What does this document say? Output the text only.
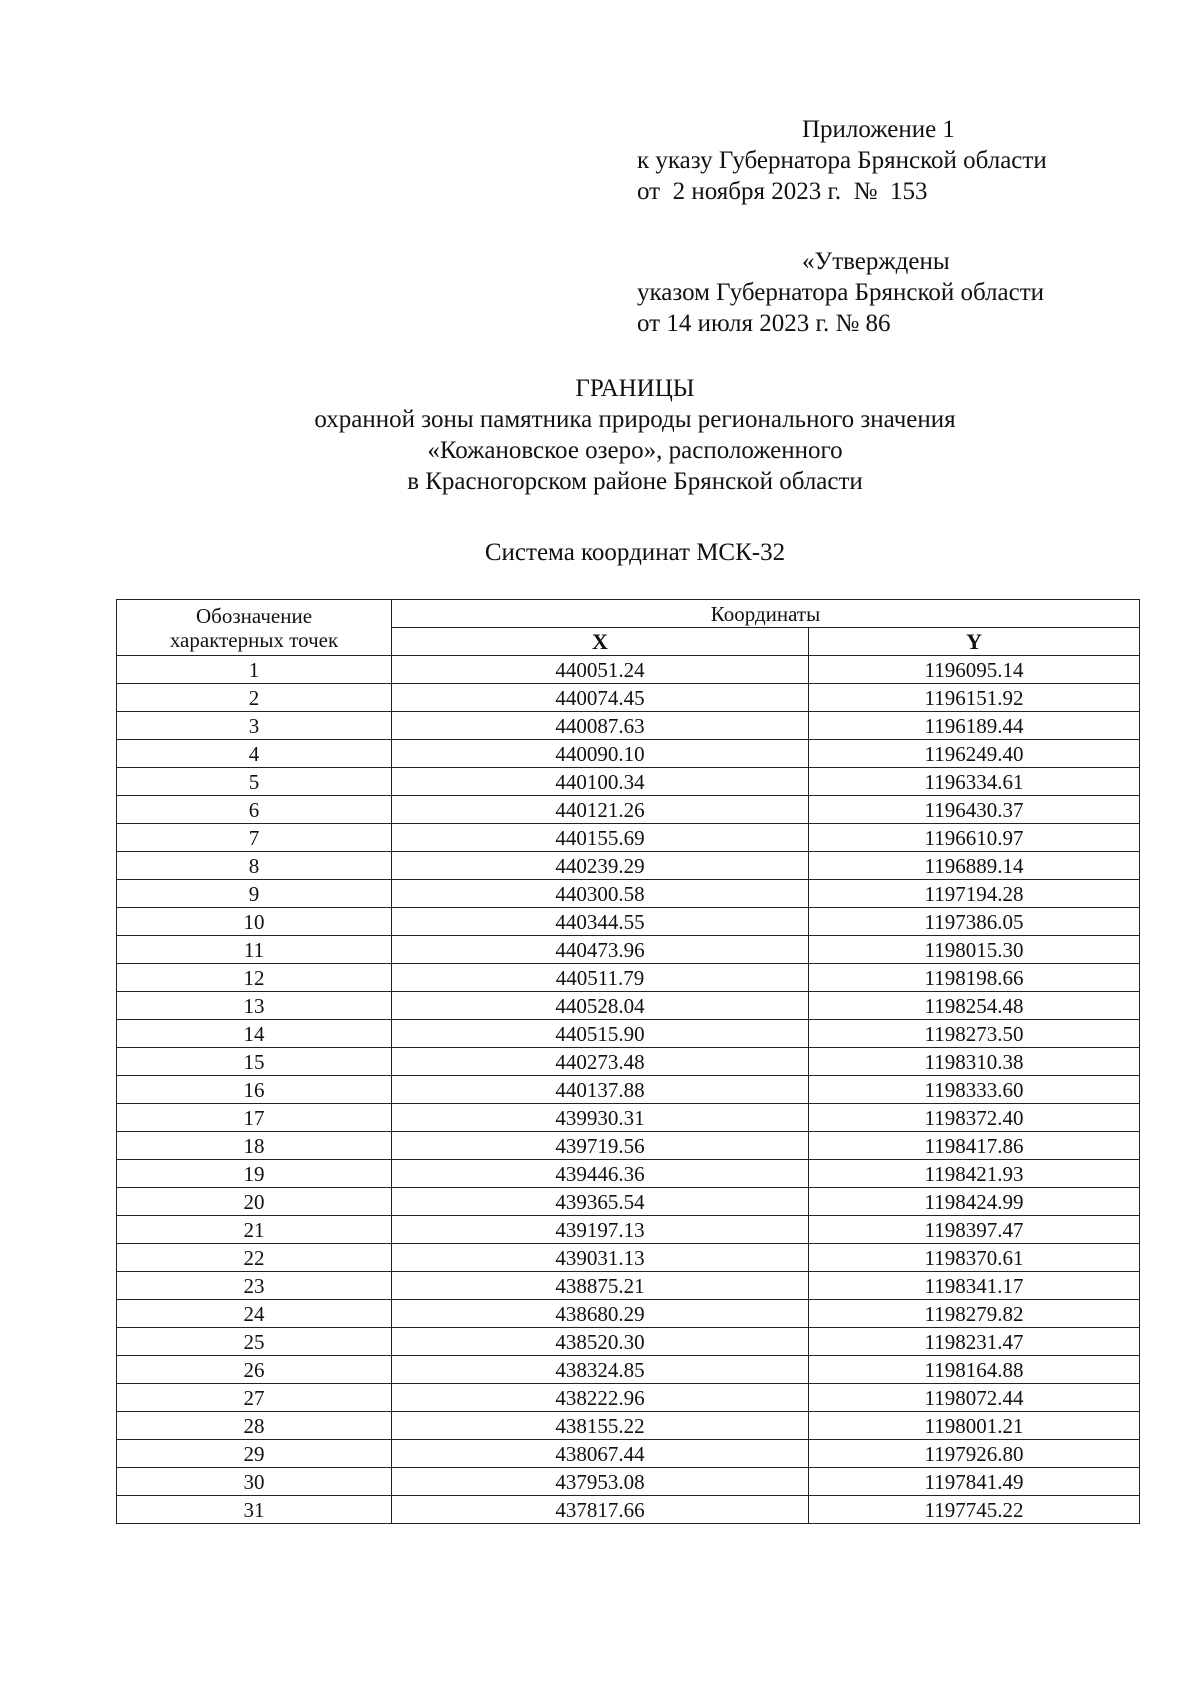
Приложение 1
к указу Губернатора Брянской области
от  2 ноября 2023 г.  №  153
«Утверждены
указом Губернатора Брянской области
от 14 июля 2023 г. № 86
ГРАНИЦЫ
охранной зоны памятника природы регионального значения
«Кожановское озеро», расположенного
в Красногорском районе Брянской области
Система координат МСК-32
Обозначение
характерных точек	Координаты	
	X	Y
1	440051.24	1196095.14
2	440074.45	1196151.92
3	440087.63	1196189.44
4	440090.10	1196249.40
5	440100.34	1196334.61
6	440121.26	1196430.37
7	440155.69	1196610.97
8	440239.29	1196889.14
9	440300.58	1197194.28
10	440344.55	1197386.05
11	440473.96	1198015.30
12	440511.79	1198198.66
13	440528.04	1198254.48
14	440515.90	1198273.50
15	440273.48	1198310.38
16	440137.88	1198333.60
17	439930.31	1198372.40
18	439719.56	1198417.86
19	439446.36	1198421.93
20	439365.54	1198424.99
21	439197.13	1198397.47
22	439031.13	1198370.61
23	438875.21	1198341.17
24	438680.29	1198279.82
25	438520.30	1198231.47
26	438324.85	1198164.88
27	438222.96	1198072.44
28	438155.22	1198001.21
29	438067.44	1197926.80
30	437953.08	1197841.49
31	437817.66	1197745.22
